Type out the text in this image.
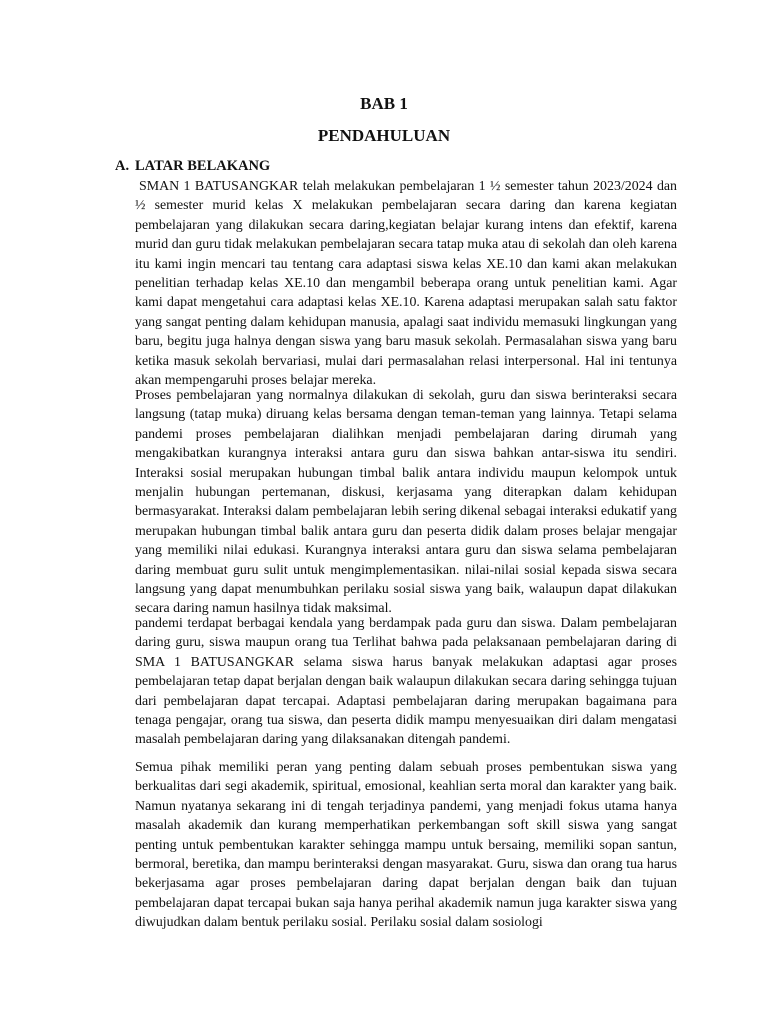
BAB 1
PENDAHULUAN
A. LATAR BELAKANG

SMAN 1 BATUSANGKAR telah melakukan pembelajaran 1 ½ semester tahun 2023/2024 dan ½ semester murid kelas X melakukan pembelajaran secara daring dan karena kegiatan pembelajaran yang dilakukan secara daring,kegiatan belajar kurang intens dan efektif, karena murid dan guru tidak melakukan pembelajaran secara tatap muka atau di sekolah dan oleh karena itu kami ingin mencari tau tentang cara adaptasi siswa kelas XE.10 dan kami akan melakukan penelitian terhadap kelas XE.10 dan mengambil beberapa orang untuk penelitian kami. Agar kami dapat mengetahui cara adaptasi kelas XE.10. Karena adaptasi merupakan salah satu faktor yang sangat penting dalam kehidupan manusia, apalagi saat individu memasuki lingkungan yang baru, begitu juga halnya dengan siswa yang baru masuk sekolah. Permasalahan siswa yang baru ketika masuk sekolah bervariasi, mulai dari permasalahan relasi interpersonal. Hal ini tentunya akan mempengaruhi proses belajar mereka.

Proses pembelajaran yang normalnya dilakukan di sekolah, guru dan siswa berinteraksi secara langsung (tatap muka) diruang kelas bersama dengan teman-teman yang lainnya. Tetapi selama pandemi proses pembelajaran dialihkan menjadi pembelajaran daring dirumah yang mengakibatkan kurangnya interaksi antara guru dan siswa bahkan antar-siswa itu sendiri. Interaksi sosial merupakan hubungan timbal balik antara individu maupun kelompok untuk menjalin hubungan pertemanan, diskusi, kerjasama yang diterapkan dalam kehidupan bermasyarakat. Interaksi dalam pembelajaran lebih sering dikenal sebagai interaksi edukatif yang merupakan hubungan timbal balik antara guru dan peserta didik dalam proses belajar mengajar yang memiliki nilai edukasi. Kurangnya interaksi antara guru dan siswa selama pembelajaran daring membuat guru sulit untuk mengimplementasikan. nilai-nilai sosial kepada siswa secara langsung yang dapat menumbuhkan perilaku sosial siswa yang baik, walaupun dapat dilakukan secara daring namun hasilnya tidak maksimal.

pandemi terdapat berbagai kendala yang berdampak pada guru dan siswa. Dalam pembelajaran daring guru, siswa maupun orang tua Terlihat bahwa pada pelaksanaan pembelajaran daring di SMA 1 BATUSANGKAR selama siswa harus banyak melakukan adaptasi agar proses pembelajaran tetap dapat berjalan dengan baik walaupun dilakukan secara daring sehingga tujuan dari pembelajaran dapat tercapai. Adaptasi pembelajaran daring merupakan bagaimana para tenaga pengajar, orang tua siswa, dan peserta didik mampu menyesuaikan diri dalam mengatasi masalah pembelajaran daring yang dilaksanakan ditengah pandemi.

Semua pihak memiliki peran yang penting dalam sebuah proses pembentukan siswa yang berkualitas dari segi akademik, spiritual, emosional, keahlian serta moral dan karakter yang baik. Namun nyatanya sekarang ini di tengah terjadinya pandemi, yang menjadi fokus utama hanya masalah akademik dan kurang memperhatikan perkembangan soft skill siswa yang sangat penting untuk pembentukan karakter sehingga mampu untuk bersaing, memiliki sopan santun, bermoral, beretika, dan mampu berinteraksi dengan masyarakat. Guru, siswa dan orang tua harus bekerjasama agar proses pembelajaran daring dapat berjalan dengan baik dan tujuan pembelajaran dapat tercapai bukan saja hanya perihal akademik namun juga karakter siswa yang diwujudkan dalam bentuk perilaku sosial. Perilaku sosial dalam sosiologi
